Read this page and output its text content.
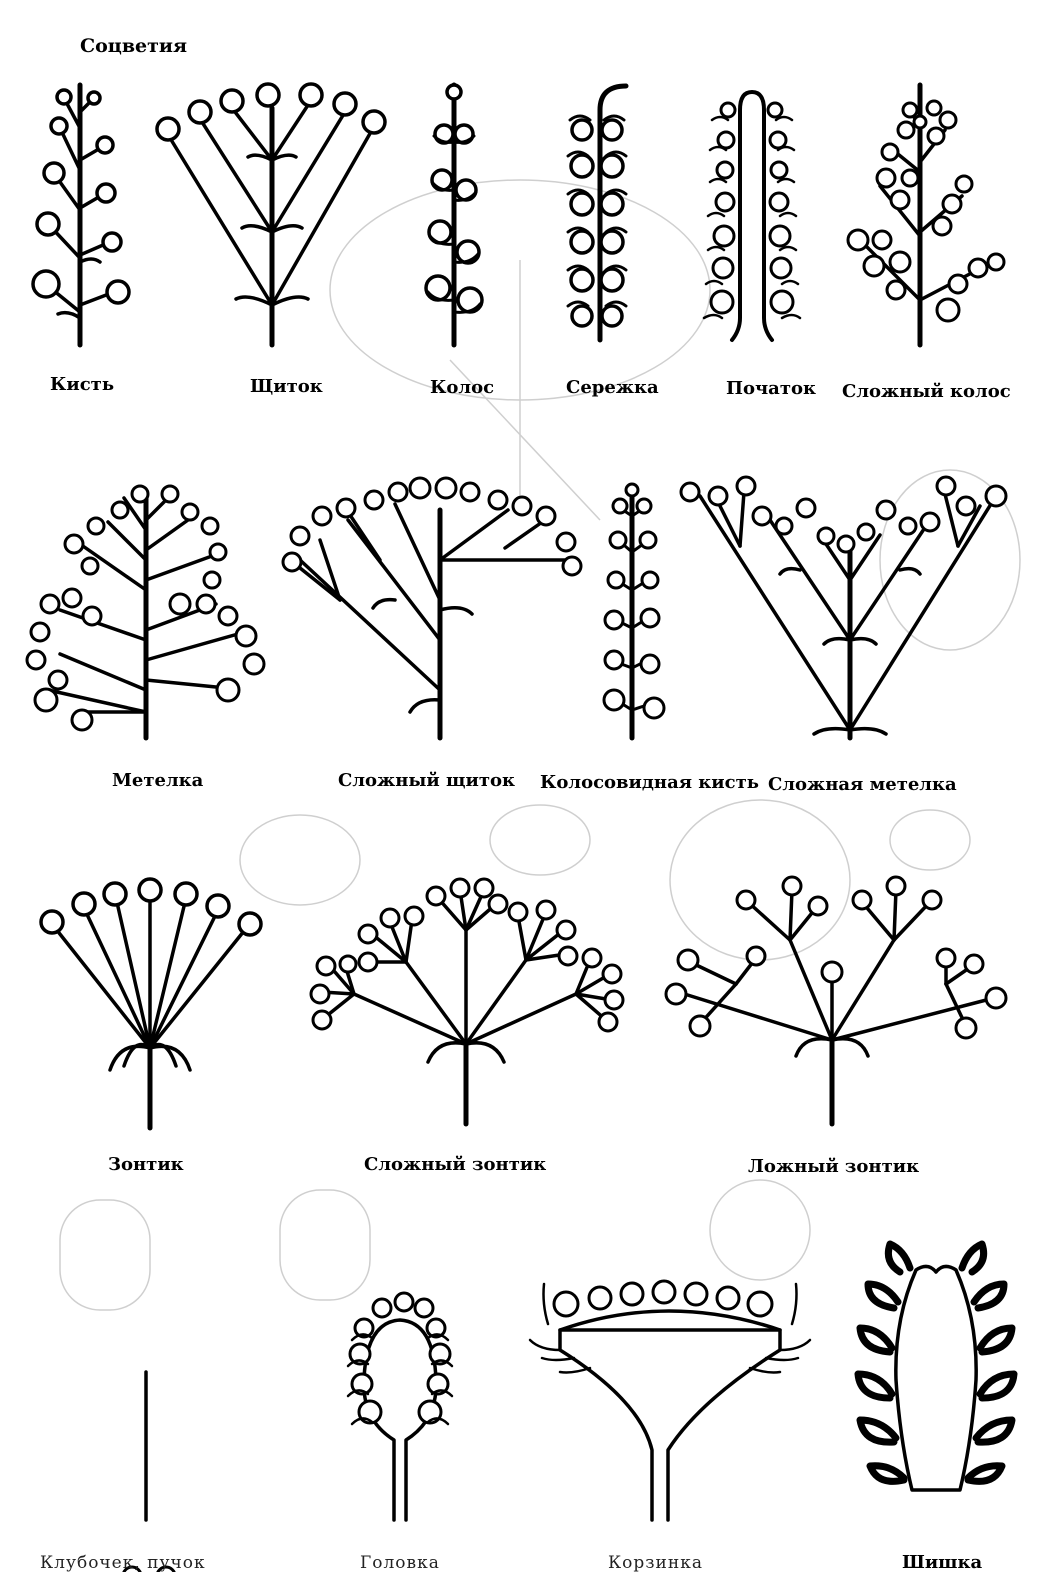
Соцветия
Кисть	Щиток	Колос	Сережка	Початок Сложный колос
Метелка	Сложный щиток Колосовидная кисть Сложная метелка
Зонтик	Сложный зонтик	Ложный зонтик
Клубочек, пучок	Головка	Корзинка	Шишка
